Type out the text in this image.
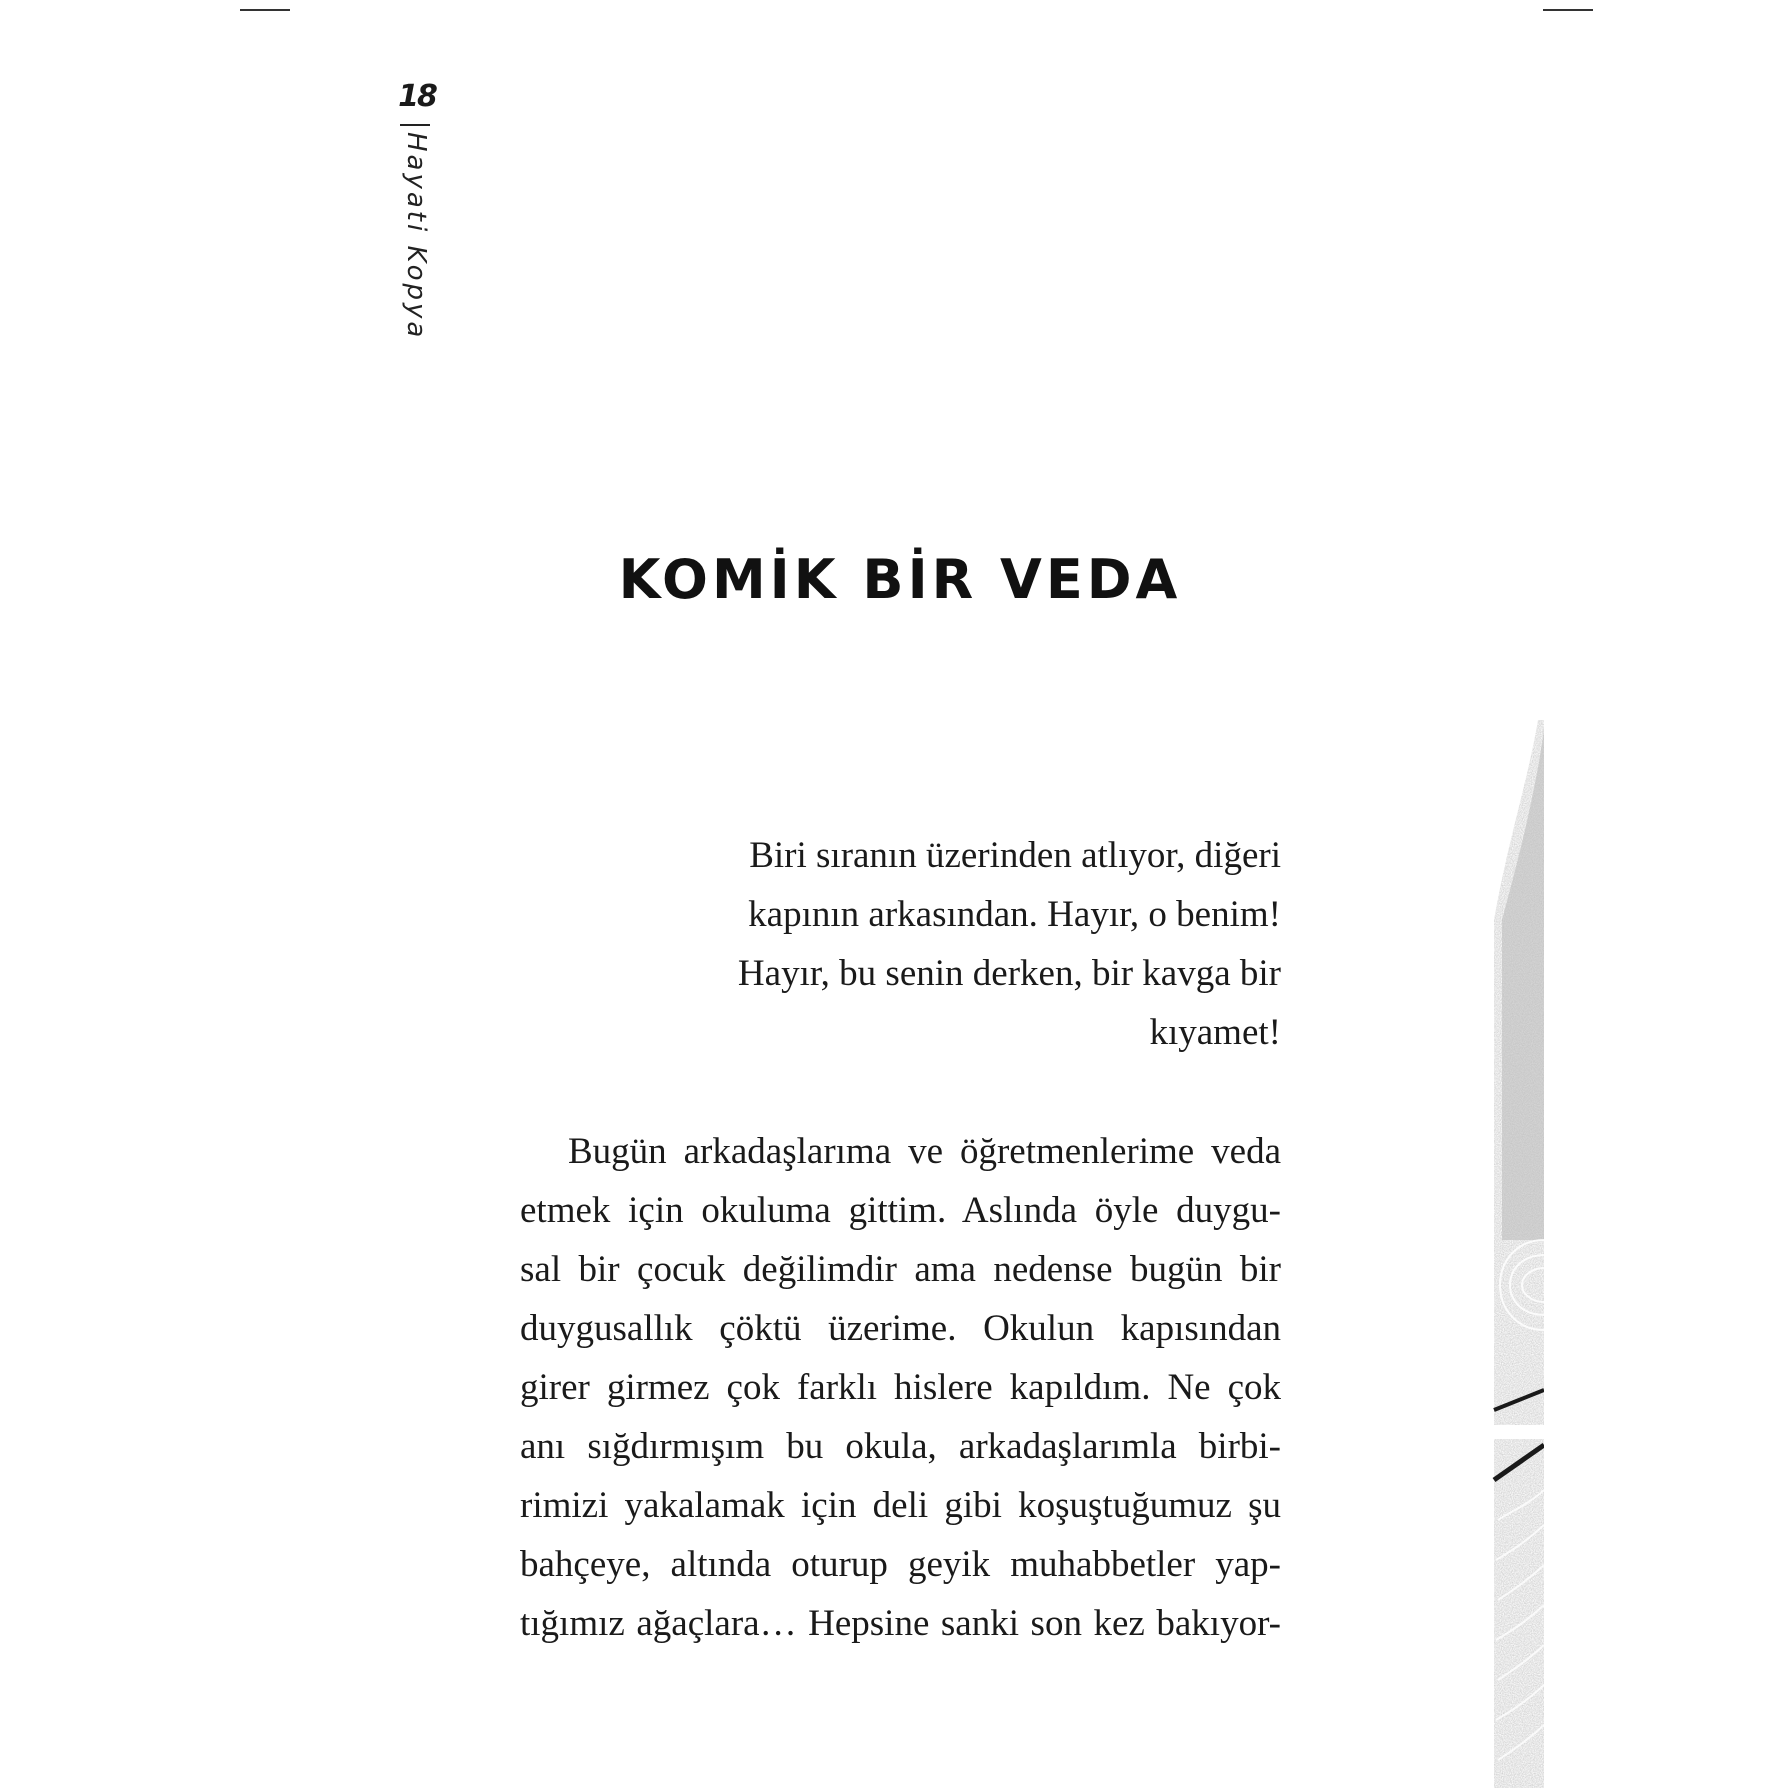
18
Hayati Kopya
KOMİK BİR VEDA

Biri sıranın üzerinden atlıyor, diğeri

kapının arkasından. Hayır, o benim!

Hayır, bu senin derken, bir kavga bir

kıyamet!

Bugün arkadaşlarıma ve öğretmenlerime veda
etmek için okuluma gittim. Aslında öyle duygu-
sal bir çocuk değilimdir ama nedense bugün bir
duygusallık çöktü üzerime. Okulun kapısından
girer girmez çok farklı hislere kapıldım. Ne çok
anı sığdırmışım bu okula, arkadaşlarımla birbi-
rimizi yakalamak için deli gibi koşuştuğumuz şu
bahçeye, altında oturup geyik muhabbetler yap-
tığımız ağaçlara… Hepsine sanki son kez bakıyor-
